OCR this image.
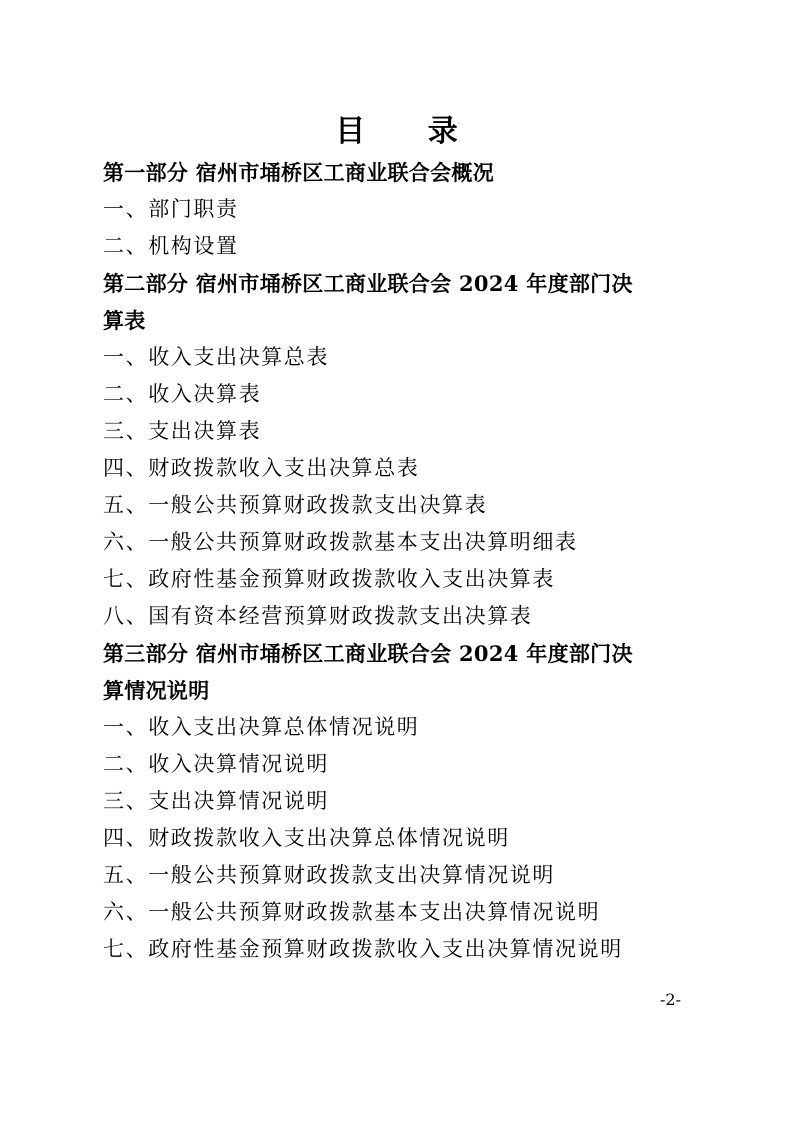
目 录
第一部分 宿州市埇桥区工商业联合会概况
一、部门职责
二、机构设置
第二部分 宿州市埇桥区工商业联合会 2024 年度部门决
算表
一、收入支出决算总表
二、收入决算表
三、支出决算表
四、财政拨款收入支出决算总表
五、一般公共预算财政拨款支出决算表
六、一般公共预算财政拨款基本支出决算明细表
七、政府性基金预算财政拨款收入支出决算表
八、国有资本经营预算财政拨款支出决算表
第三部分 宿州市埇桥区工商业联合会 2024 年度部门决
算情况说明
一、收入支出决算总体情况说明
二、收入决算情况说明
三、支出决算情况说明
四、财政拨款收入支出决算总体情况说明
五、一般公共预算财政拨款支出决算情况说明
六、一般公共预算财政拨款基本支出决算情况说明
七、政府性基金预算财政拨款收入支出决算情况说明
-2-
